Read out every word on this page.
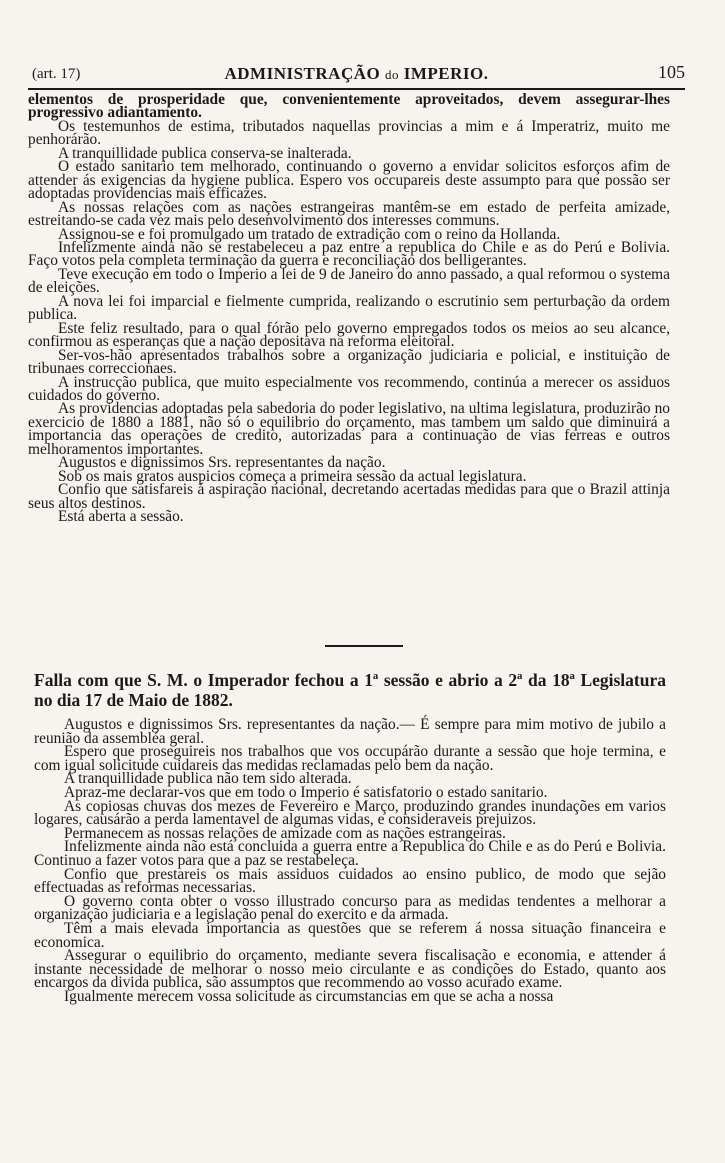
(art. 17)	ADMINISTRAÇÃO do IMPERIO.	105

elementos de prosperidade que, convenientemente aproveitados, devem assegurar-lhes progressivo adiantamento.

Os testemunhos de estima, tributados naquellas provincias a mim e á Imperatriz, muito me penhorárão.

A tranquillidade publica conserva-se inalterada.

O estado sanitario tem melhorado, continuando o governo a envidar solicitos esforços afim de attender ás exigencias da hygiene publica. Espero vos occupareis deste assumpto para que possão ser adoptadas providencias mais efficazes.

As nossas relações com as nações estrangeiras mantêm-se em estado de perfeita amizade, estreitando-se cada vez mais pelo desenvolvimento dos interesses communs.

Assignou-se e foi promulgado um tratado de extradição com o reino da Hollanda.

Infelizmente ainda não se restabeleceu a paz entre a republica do Chile e as do Perú e Bolivia. Faço votos pela completa terminação da guerra e reconciliação dos belligerantes.

Teve execução em todo o Imperio a lei de 9 de Janeiro do anno passado, a qual reformou o systema de eleições.

A nova lei foi imparcial e fielmente cumprida, realizando o escrutinio sem perturbação da ordem publica.

Este feliz resultado, para o qual fórão pelo governo empregados todos os meios ao seu alcance, confirmou as esperanças que a nação depositava na reforma eleitoral.

Ser-vos-hão apresentados trabalhos sobre a organização judiciaria e policial, e instituição de tribunaes correccionaes.

A instrucção publica, que muito especialmente vos recommendo, continúa a merecer os assiduos cuidados do governo.

As providencias adoptadas pela sabedoria do poder legislativo, na ultima legislatura, produzirão no exercicio de 1880 a 1881, não só o equilibrio do orçamento, mas tambem um saldo que diminuirá a importancia das operações de credito, autorizadas para a continuação de vias ferreas e outros melhoramentos importantes.

Augustos e dignissimos Srs. representantes da nação.

Sob os mais gratos auspicios começa a primeira sessão da actual legislatura.

Confio que satisfareis á aspiração nacional, decretando acertadas medidas para que o Brazil attinja seus altos destinos.

Está aberta a sessão.

Falla com que S. M. o Imperador fechou a 1ª sessão e abrio a 2ª da 18ª Legislatura no dia 17 de Maio de 1882.

Augustos e dignissimos Srs. representantes da nação.— É sempre para mim motivo de jubilo a reunião da assembléa geral.

Espero que proseguireis nos trabalhos que vos occupárão durante a sessão que hoje termina, e com igual solicitude cuidareis das medidas reclamadas pelo bem da nação.

A tranquillidade publica não tem sido alterada.

Apraz-me declarar-vos que em todo o Imperio é satisfatorio o estado sanitario.

As copiosas chuvas dos mezes de Fevereiro e Março, produzindo grandes inundações em varios logares, causárão a perda lamentavel de algumas vidas, e consideraveis prejuizos.

Permanecem as nossas relações de amizade com as nações estrangeiras.

Infelizmente ainda não está concluida a guerra entre a Republica do Chile e as do Perú e Bolivia. Continuo a fazer votos para que a paz se restabeleça.

Confio que prestareis os mais assiduos cuidados ao ensino publico, de modo que sejão effectuadas as reformas necessarias.

O governo conta obter o vosso illustrado concurso para as medidas tendentes a melhorar a organização judiciaria e a legislação penal do exercito e da armada.

Têm a mais elevada importancia as questões que se referem á nossa situação financeira e economica.

Assegurar o equilibrio do orçamento, mediante severa fiscalisação e economia, e attender á instante necessidade de melhorar o nosso meio circulante e as condições do Estado, quanto aos encargos da divida publica, são assumptos que recommendo ao vosso acurado exame.

Igualmente merecem vossa solicitude as circumstancias em que se acha a nossa
